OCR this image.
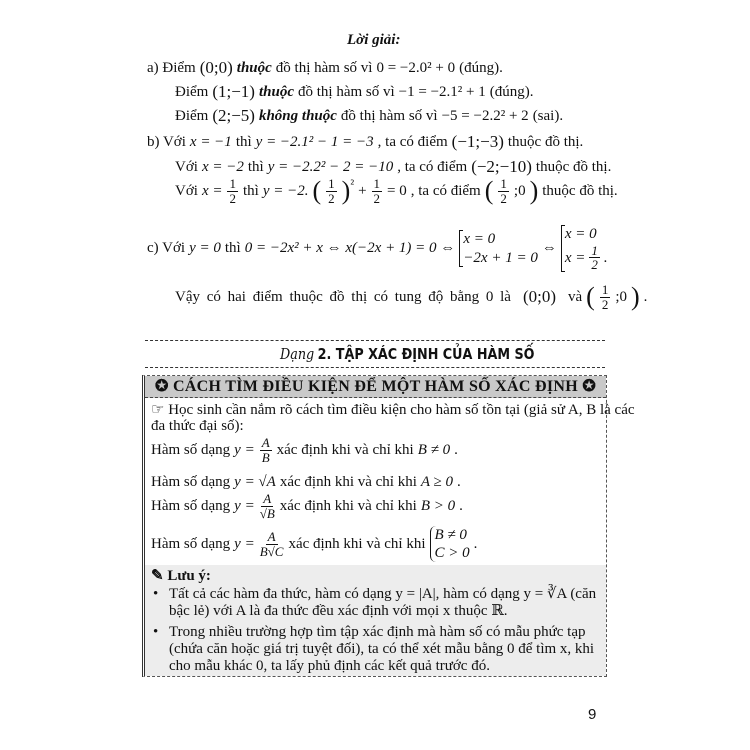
Lời giải:
a) Điểm (0;0) thuộc đồ thị hàm số vì 0 = −2.0² + 0 (đúng).
Điểm (1;−1) thuộc đồ thị hàm số vì −1 = −2.1² + 1 (đúng).
Điểm (2;−5) không thuộc đồ thị hàm số vì −5 = −2.2² + 2 (sai).
b) Với x = −1 thì y = −2.1² − 1 = −3 , ta có điểm (−1;−3) thuộc đồ thị.
Với x = −2 thì y = −2.2² − 2 = −10 , ta có điểm (−2;−10) thuộc đồ thị.
Với $x = \frac{1}{2}$ thì y = −2. ( 1
2 )$^{^2} + \frac{1}{2} = 0$ , ta có điểm ( 1
2 ;0 ) thuộc đồ thị.
c) Với y = 0 thì 0 = −2x² + x ⇔ x(−2x + 1) = 0 ⇔
x = 0
−2x + 1 = 0
⇔
x = 0
$x = \frac{1}{2}$ .
Vậy có hai điểm thuộc đồ thị có tung độ bằng 0 là (0;0) và ( 1
2 ;0 ) .
Dạng 2. TẬP XÁC ĐỊNH CỦA HÀM SỐ
✪ CÁCH TÌM ĐIỀU KIỆN ĐỂ MỘT HÀM SỐ XÁC ĐỊNH ✪
☞ Học sinh cần nắm rõ cách tìm điều kiện cho hàm số tồn tại (giả sử A, B là các
đa thức đại số):
Hàm số dạng $y = \frac{A}{B}$ xác định khi và chỉ khi B ≠ 0 .
Hàm số dạng y = √A xác định khi và chỉ khi A ≥ 0 .
Hàm số dạng $y = \frac{A}{√B}$ xác định khi và chỉ khi B > 0 .
Hàm số dạng $y = \frac{A}{B√C}$ xác định khi và chỉ khi
B ≠ 0
C > 0
.
✎ Lưu ý:
• Tất cả các hàm đa thức, hàm có dạng y = |A|, hàm có dạng y = ∛A (căn bậc lẻ) với A là đa thức đều xác định với mọi x thuộc ℝ.
• Trong nhiều trường hợp tìm tập xác định mà hàm số có mẫu phức tạp (chứa căn hoặc giá trị tuyệt đối), ta có thể xét mẫu bằng 0 để tìm x, khi cho mẫu khác 0, ta lấy phủ định các kết quả trước đó.
9
